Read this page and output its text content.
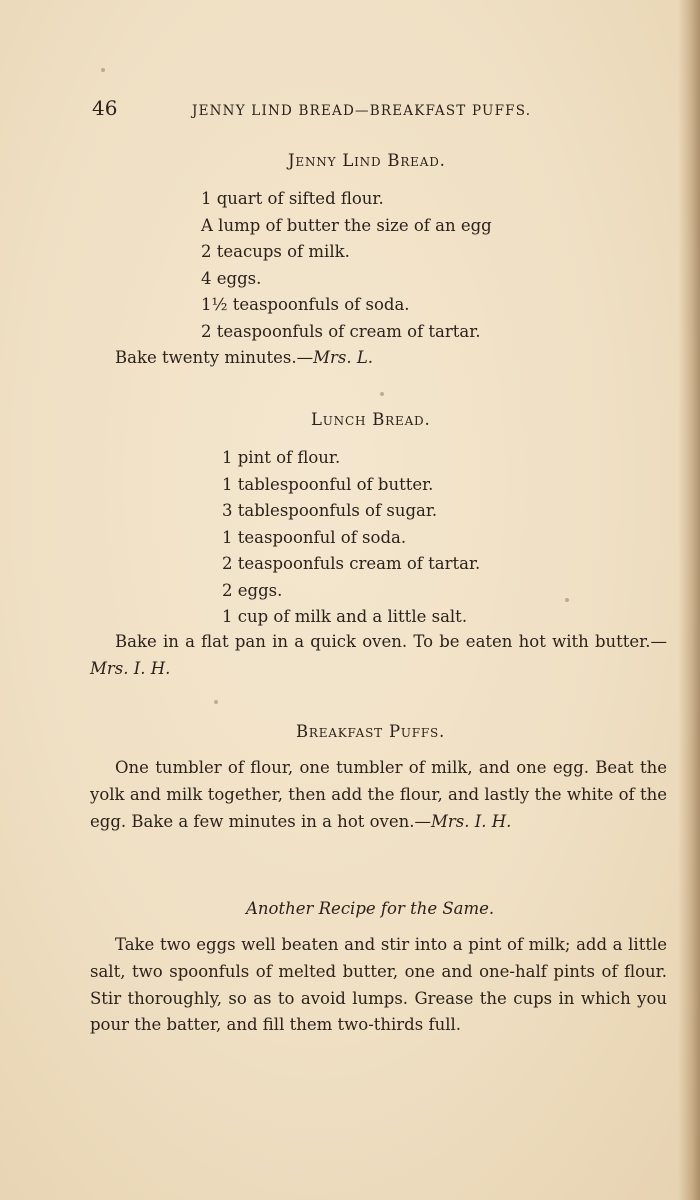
46	JENNY LIND BREAD—BREAKFAST PUFFS.
Jenny Lind Bread.
1 quart of sifted flour.
A lump of butter the size of an egg
2 teacups of milk.
4 eggs.
1½ teaspoonfuls of soda.
2 teaspoonfuls of cream of tartar.
Bake twenty minutes.—Mrs. L.
Lunch Bread.
1 pint of flour.
1 tablespoonful of butter.
3 tablespoonfuls of sugar.
1 teaspoonful of soda.
2 teaspoonfuls cream of tartar.
2 eggs.
1 cup of milk and a little salt.
Bake in a flat pan in a quick oven. To be eaten hot with butter.—Mrs. I. H.
Breakfast Puffs.
One tumbler of flour, one tumbler of milk, and one egg. Beat the yolk and milk together, then add the flour, and lastly the white of the egg. Bake a few minutes in a hot oven.—Mrs. I. H.
Another Recipe for the Same.
Take two eggs well beaten and stir into a pint of milk; add a little salt, two spoonfuls of melted butter, one and one-half pints of flour. Stir thoroughly, so as to avoid lumps. Grease the cups in which you pour the batter, and fill them two-thirds full.
